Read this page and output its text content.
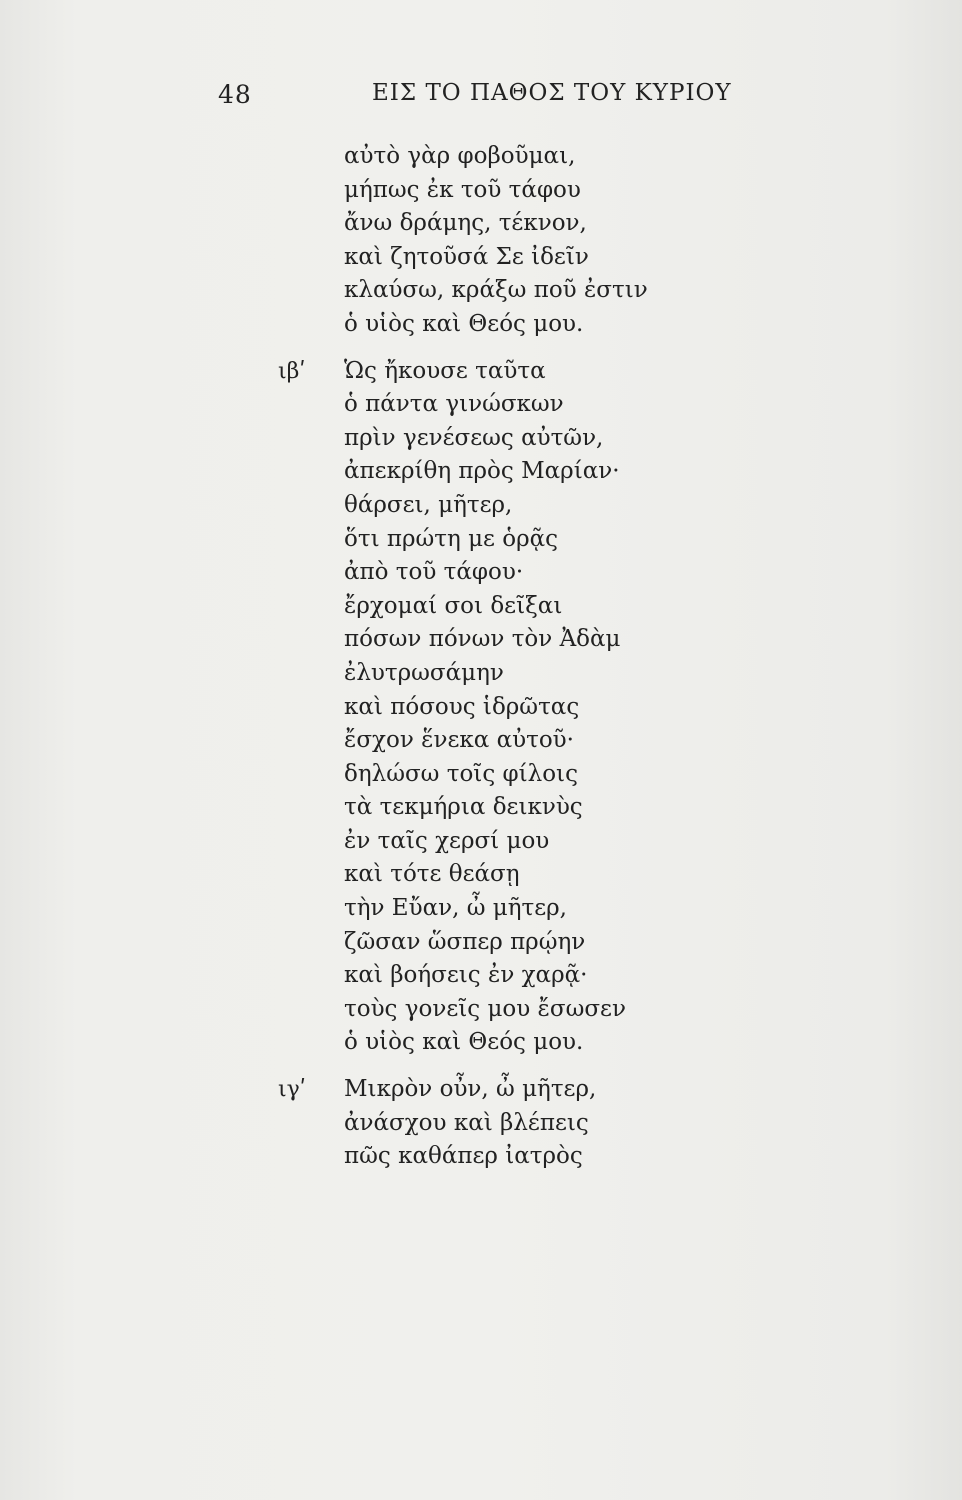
48	ΕΙΣ ΤΟ ΠΑΘΟΣ ΤΟΥ ΚΥΡΙΟΥ
αὐτὸ γὰρ φοβοῦμαι,
μήπως ἐκ τοῦ τάφου
ἄνω δράμης, τέκνον,
καὶ ζητοῦσά Σε ἰδεῖν
κλαύσω, κράξω ποῦ ἐστιν
ὁ υἱὸς καὶ Θεός μου.
ιβʹ Ὡς ἤκουσε ταῦτα
ὁ πάντα γινώσκων
πρὶν γενέσεως αὐτῶν,
ἀπεκρίθη πρὸς Μαρίαν·
θάρσει, μῆτερ,
ὅτι πρώτη με ὁρᾷς
ἀπὸ τοῦ τάφου·
ἔρχομαί σοι δεῖξαι
πόσων πόνων τὸν Ἀδὰμ
ἐλυτρωσάμην
καὶ πόσους ἱδρῶτας
ἔσχον ἕνεκα αὐτοῦ·
δηλώσω τοῖς φίλοις
τὰ τεκμήρια δεικνὺς
ἐν ταῖς χερσί μου
καὶ τότε θεάσῃ
τὴν Εὔαν, ὦ μῆτερ,
ζῶσαν ὥσπερ πρῴην
καὶ βοήσεις ἐν χαρᾷ·
τοὺς γονεῖς μου ἔσωσεν
ὁ υἱὸς καὶ Θεός μου.
ιγʹ Μικρὸν οὖν, ὦ μῆτερ,
ἀνάσχου καὶ βλέπεις
πῶς καθάπερ ἰατρὸς
